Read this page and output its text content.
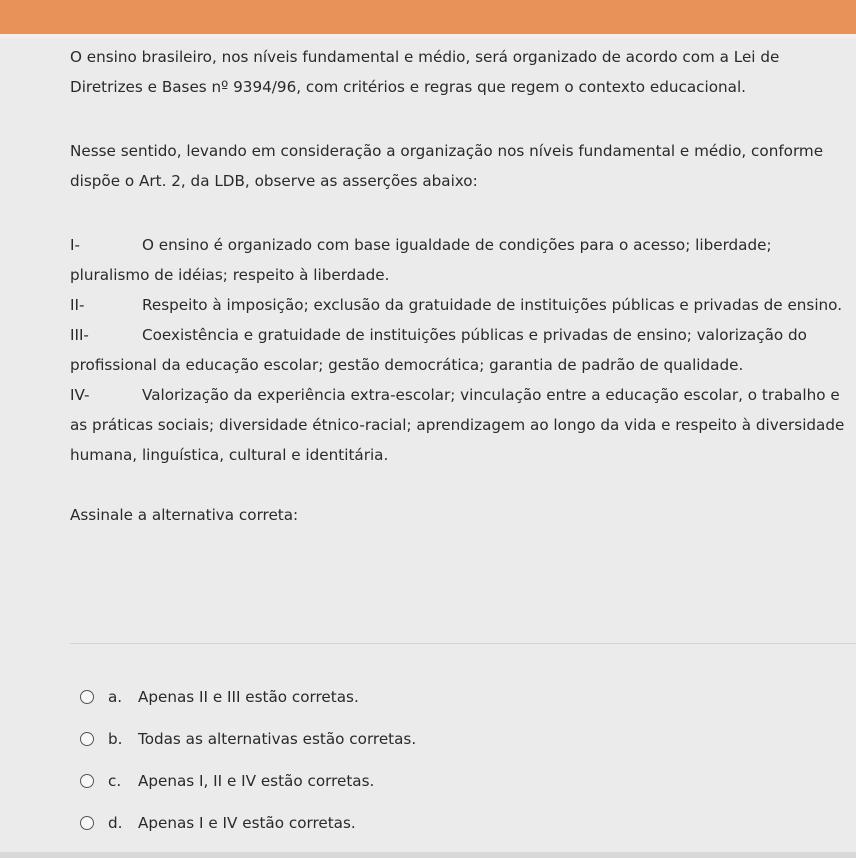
O ensino brasileiro, nos níveis fundamental e médio, será organizado de acordo com a Lei de Diretrizes e Bases nº 9394/96, com critérios e regras que regem o contexto educacional.

Nesse sentido, levando em consideração a organização nos níveis fundamental e médio, conforme dispõe o Art. 2, da LDB, observe as asserções abaixo:

I-	O ensino é organizado com base igualdade de condições para o acesso; liberdade; pluralismo de idéias; respeito à liberdade.

II-	Respeito à imposição; exclusão da gratuidade de instituições públicas e privadas de ensino.

III-	Coexistência e gratuidade de instituições públicas e privadas de ensino; valorização do profissional da educação escolar; gestão democrática; garantia de padrão de qualidade.

IV-	Valorização da experiência extra-escolar; vinculação entre a educação escolar, o trabalho e as práticas sociais; diversidade étnico-racial; aprendizagem ao longo da vida e respeito à diversidade humana, linguística, cultural e identitária.

Assinale a alternativa correta:

a.	Apenas II e III estão corretas.
b.	Todas as alternativas estão corretas.
c.	Apenas I, II e IV estão corretas.
d.	Apenas I e IV estão corretas.
